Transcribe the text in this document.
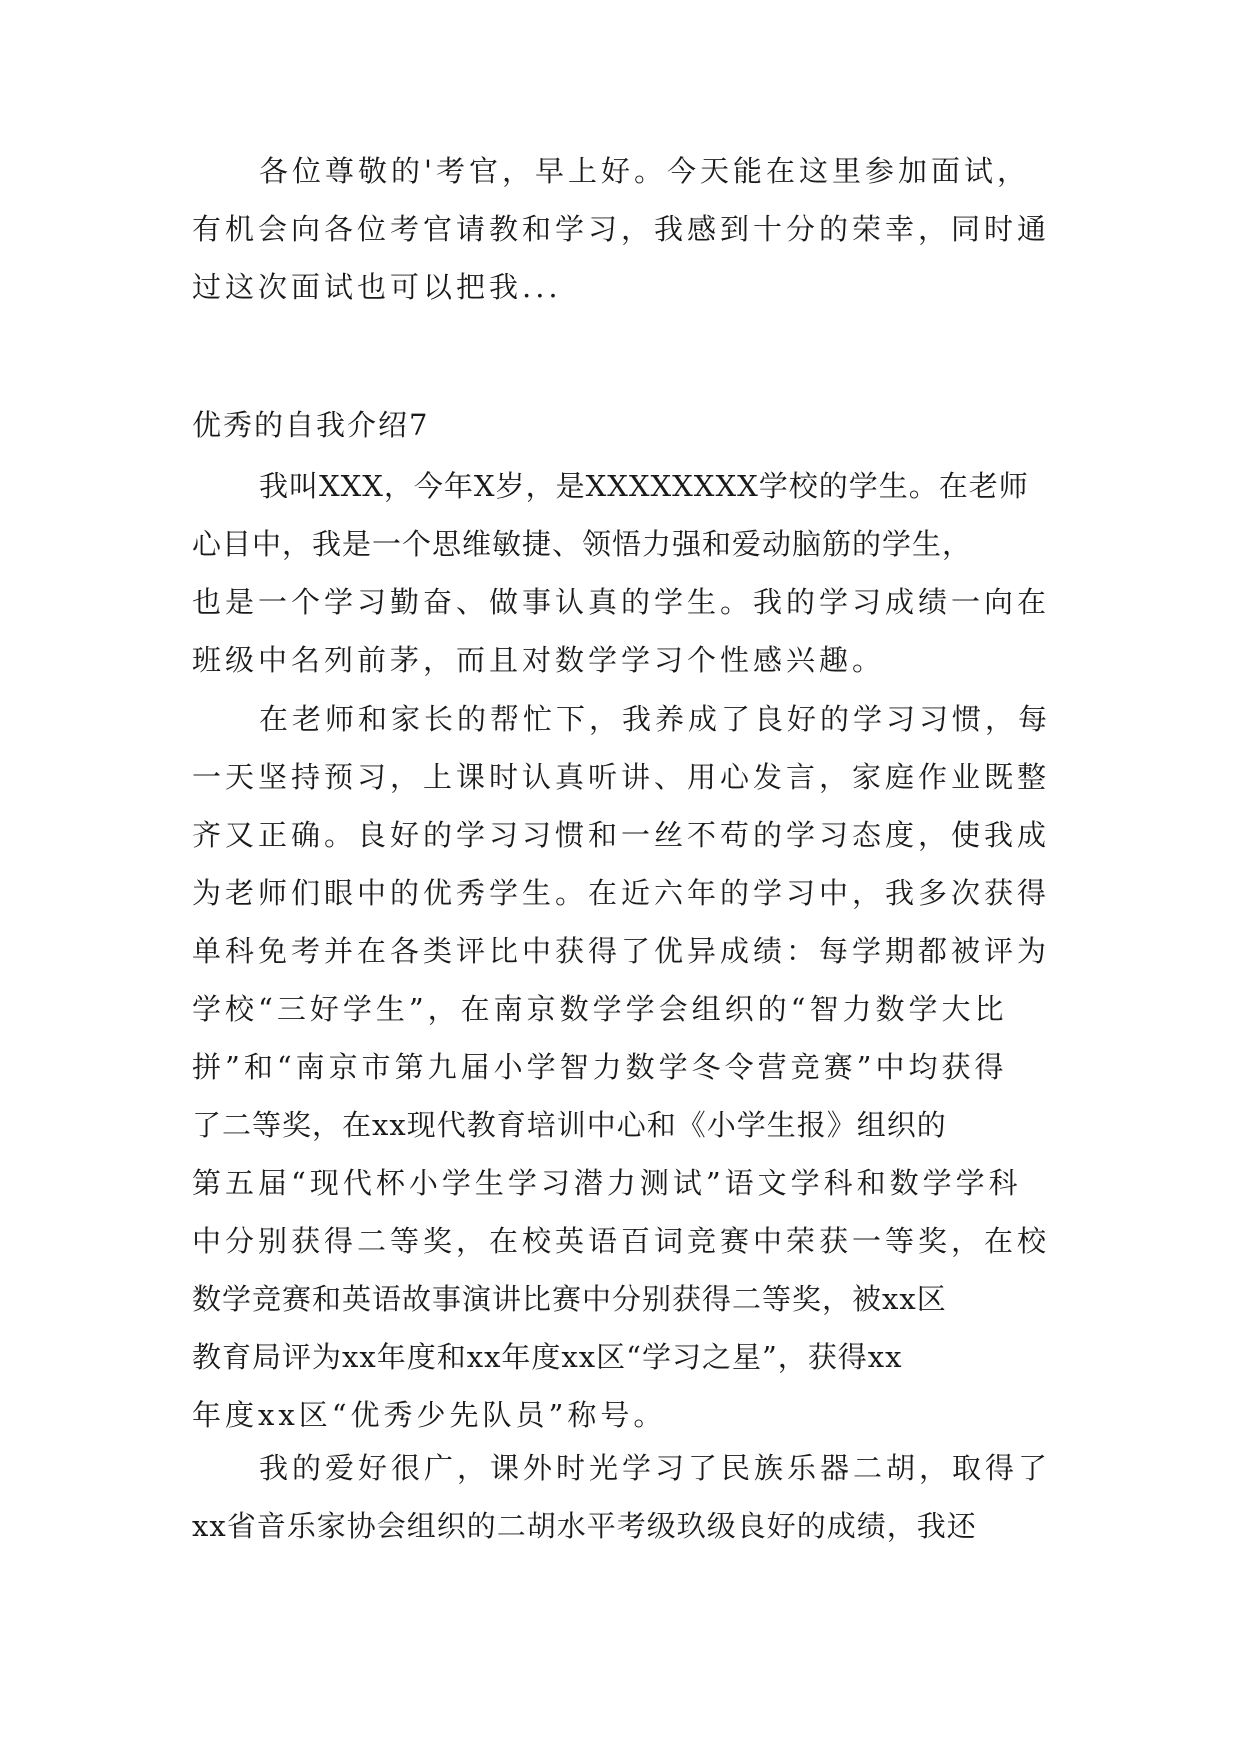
各位尊敬的'考官，早上好。今天能在这里参加面试，
有机会向各位考官请教和学习，我感到十分的荣幸，同时通
过这次面试也可以把我...

优秀的自我介绍7

我叫XXX，今年X岁，是XXXXXXXX学校的学生。在老师
心目中，我是一个思维敏捷、领悟力强和爱动脑筋的学生，
也是一个学习勤奋、做事认真的学生。我的学习成绩一向在
班级中名列前茅，而且对数学学习个性感兴趣。

在老师和家长的帮忙下，我养成了良好的学习习惯，每
一天坚持预习，上课时认真听讲、用心发言，家庭作业既整
齐又正确。良好的学习习惯和一丝不苟的学习态度，使我成
为老师们眼中的优秀学生。在近六年的学习中，我多次获得
单科免考并在各类评比中获得了优异成绩：每学期都被评为
学校“三好学生”，在南京数学学会组织的“智力数学大比
拼”和“南京市第九届小学智力数学冬令营竞赛”中均获得
了二等奖，在xx现代教育培训中心和《小学生报》组织的
第五届“现代杯小学生学习潜力测试”语文学科和数学学科
中分别获得二等奖，在校英语百词竞赛中荣获一等奖，在校
数学竞赛和英语故事演讲比赛中分别获得二等奖，被xx区
教育局评为xx年度和xx年度xx区“学习之星”，获得xx
年度xx区“优秀少先队员”称号。

我的爱好很广，课外时光学习了民族乐器二胡，取得了
xx省音乐家协会组织的二胡水平考级玖级良好的成绩，我还
